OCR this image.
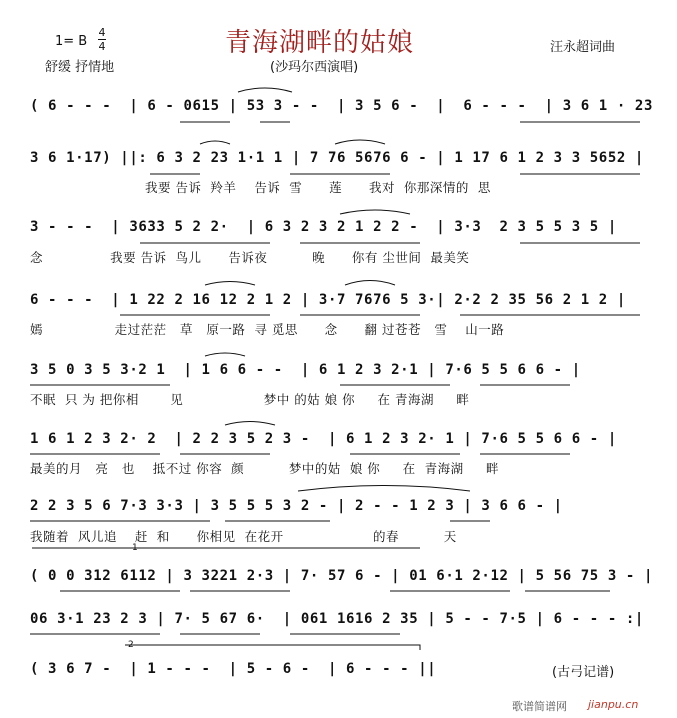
1= B
4
4
舒缓 抒情地
青海湖畔的姑娘
(沙玛尔西演唱)
汪永超词曲
( 6 - - -  | 6 - 0615 | 53 3 - -  | 3 5 6 -  |  6 - - -  | 3 6 1 · 23
3 6 1·17) ||: 6 3 2 23 1·1 1 | 7 76 5676 6 - | 1 17 6 1 2 3 3 5652 |
我要 告诉  羚羊    告诉  雪      莲      我对  你那深情的  思
3 - - -  | 3633 5 2 2·  | 6 3 2 3 2 1 2 2 -  | 3·3  2 3 5 5 3 5 |
念               我要 告诉  鸟儿      告诉夜          晚      你有 尘世间  最美笑
6 - - -  | 1 22 2 16 12 2 1 2 | 3·7 7676 5 3·| 2·2 2 35 56 2 1 2 |
嫣                走过茫茫   草   原一路  寻 觅思      念      翻 过苍苍   雪    山一路
3 5 0 3 5 3·2 1  | 1 6 6 - -  | 6 1 2 3 2·1 | 7·6 5 5 6 6 - |
不眠  只 为 把你相       见                  梦中 的姑 娘 你     在 青海湖     畔
1 6 1 2 3 2· 2  | 2 2 3 5 2 3 -  | 6 1 2 3 2· 1 | 7·6 5 5 6 6 - |
最美的月   亮   也    抵不过 你容  颜          梦中的姑  娘 你     在  青海湖     畔
2 2 3 5 6 7·3 3·3 | 3 5 5 5 3 2 - | 2 - - 1 2 3 | 3 6 6 - |
我随着  风儿追    赶  和      你相见  在花开                    的春          天
( 0 0 312 6112 | 3 3221 2·3 | 7· 57 6 - | 01 6·1 2·12 | 5 56 75 3 - |
06 3·1 23 2 3 | 7· 5 67 6·  | 061 1616 2 35 | 5 - - 7·5 | 6 - - - :|
( 3 6 7 -  | 1 - - -  | 5 - 6 -  | 6 - - - ||
1
2
(古弓记谱)
歌谱简谱网 jianpu.cn
